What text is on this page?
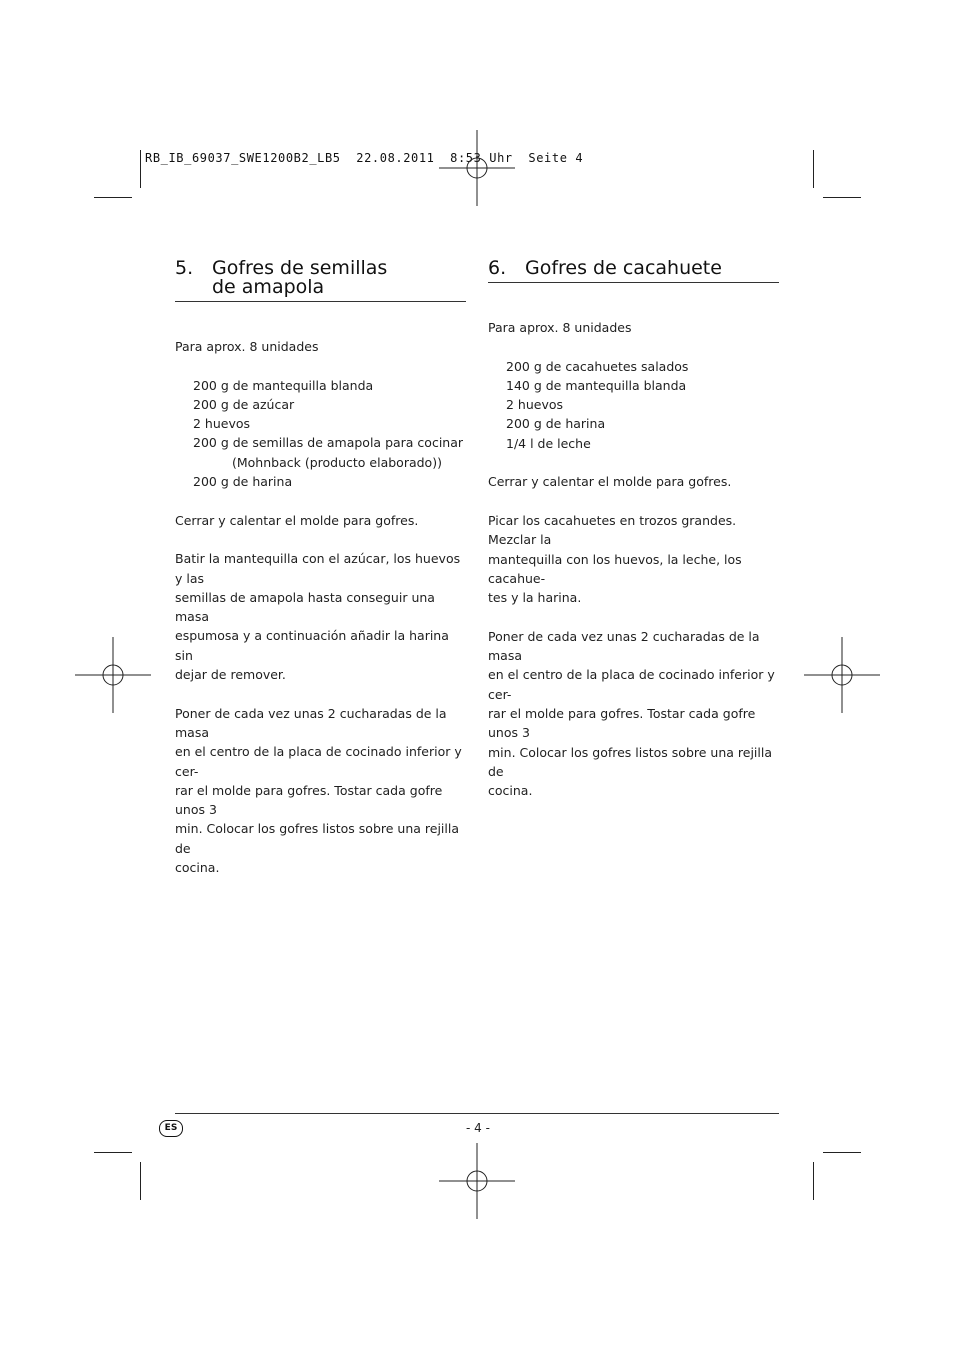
RB_IB_69037_SWE1200B2_LB5  22.08.2011  8:53 Uhr  Seite 4
5. Gofres de semillas
de amapola

Para aprox. 8 unidades

200 g de mantequilla blanda

200 g de azúcar

2 huevos

200 g de semillas de amapola para cocinar

(Mohnback (producto elaborado))

200 g de harina

Cerrar y calentar el molde para gofres.

Batir la mantequilla con el azúcar, los huevos y las

semillas de amapola hasta conseguir una masa

espumosa y a continuación añadir la harina sin

dejar de remover.

Poner de cada vez unas 2 cucharadas de la masa

en el centro de la placa de cocinado inferior y cer-

rar el molde para gofres. Tostar cada gofre unos 3

min. Colocar los gofres listos sobre una rejilla de

cocina.

6. Gofres de cacahuete

Para aprox. 8 unidades

200 g de cacahuetes salados

140 g de mantequilla blanda

2 huevos

200 g de harina

1/4 l de leche

Cerrar y calentar el molde para gofres.

Picar los cacahuetes en trozos grandes. Mezclar la

mantequilla con los huevos, la leche, los cacahue-

tes y la harina.

Poner de cada vez unas 2 cucharadas de la masa

en el centro de la placa de cocinado inferior y cer-

rar el molde para gofres. Tostar cada gofre unos 3

min. Colocar los gofres listos sobre una rejilla de

cocina.

ES	- 4 -
